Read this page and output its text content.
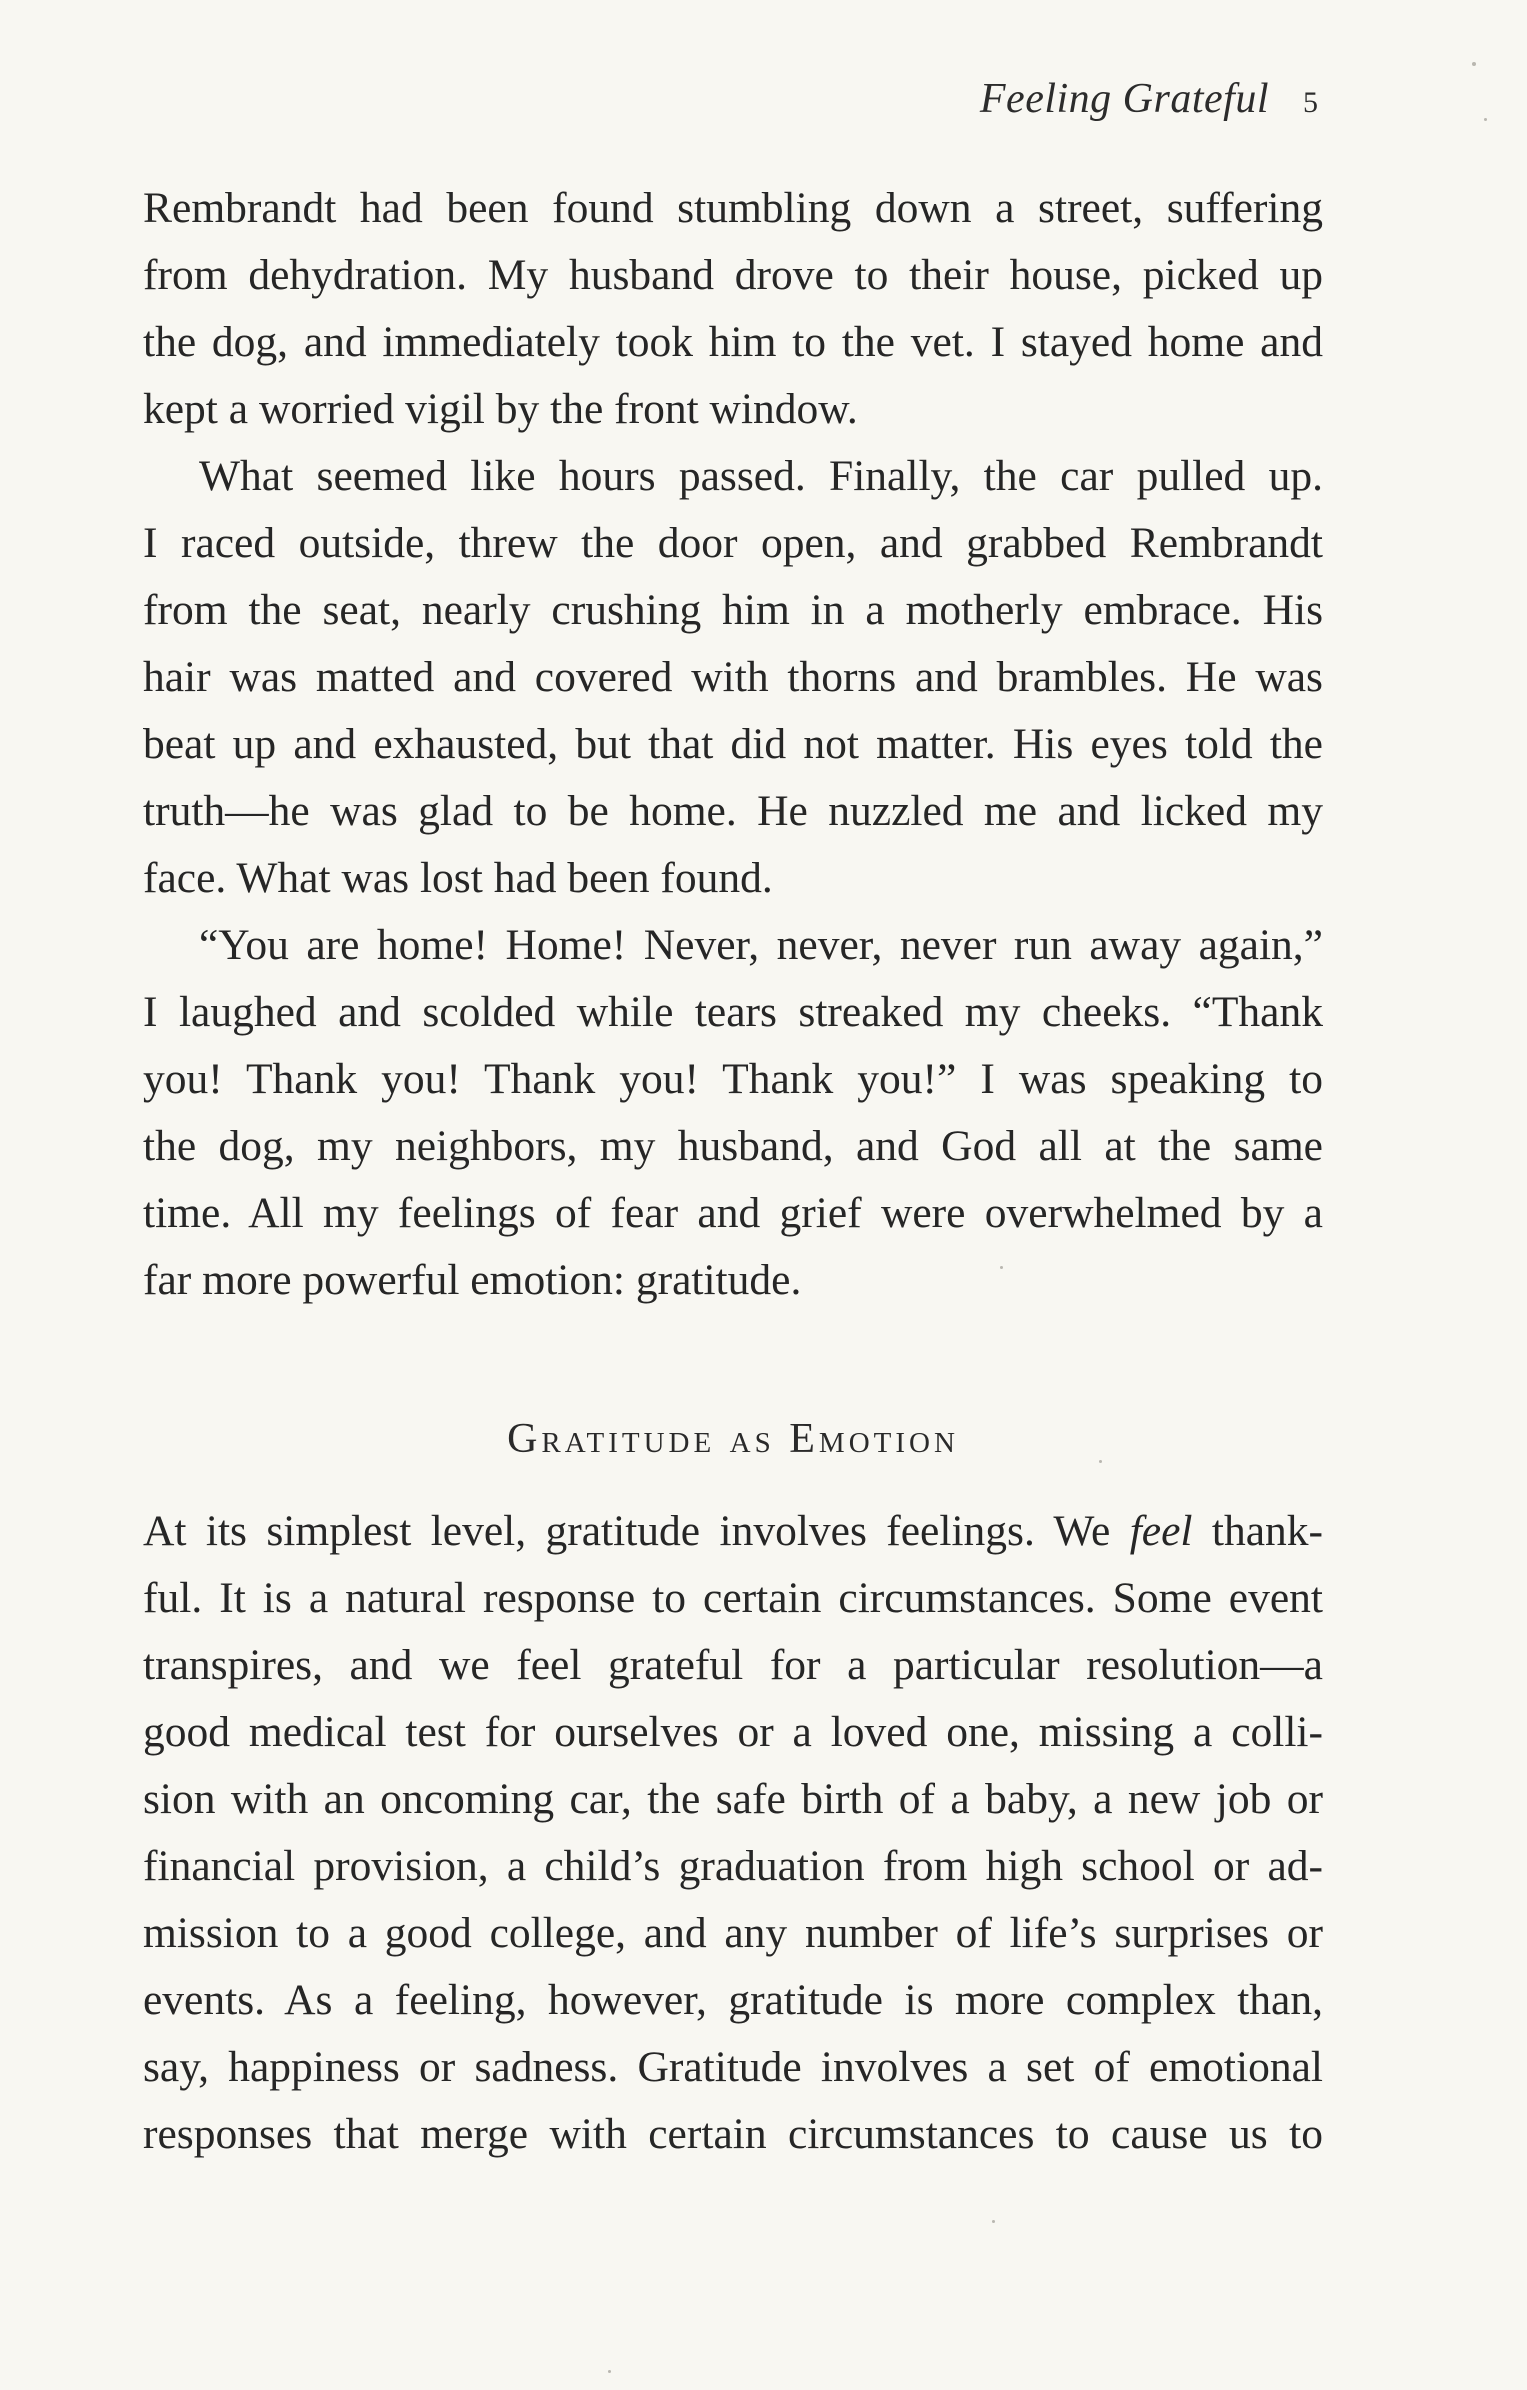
Feeling Grateful 5
Rembrandt had been found stumbling down a street, suffering
from dehydration. My husband drove to their house, picked up
the dog, and immediately took him to the vet. I stayed home and
kept a worried vigil by the front window.
What seemed like hours passed. Finally, the car pulled up.
I raced outside, threw the door open, and grabbed Rembrandt
from the seat, nearly crushing him in a motherly embrace. His
hair was matted and covered with thorns and brambles. He was
beat up and exhausted, but that did not matter. His eyes told the
truth—he was glad to be home. He nuzzled me and licked my
face. What was lost had been found.
“You are home! Home! Never, never, never run away again,”
I laughed and scolded while tears streaked my cheeks. “Thank
you! Thank you! Thank you! Thank you!” I was speaking to
the dog, my neighbors, my husband, and God all at the same
time. All my feelings of fear and grief were overwhelmed by a
far more powerful emotion: gratitude.
Gratitude as Emotion
At its simplest level, gratitude involves feelings. We feel thank-
ful. It is a natural response to certain circumstances. Some event
transpires, and we feel grateful for a particular resolution—a
good medical test for ourselves or a loved one, missing a colli-
sion with an oncoming car, the safe birth of a baby, a new job or
financial provision, a child’s graduation from high school or ad-
mission to a good college, and any number of life’s surprises or
events. As a feeling, however, gratitude is more complex than,
say, happiness or sadness. Gratitude involves a set of emotional
responses that merge with certain circumstances to cause us to
